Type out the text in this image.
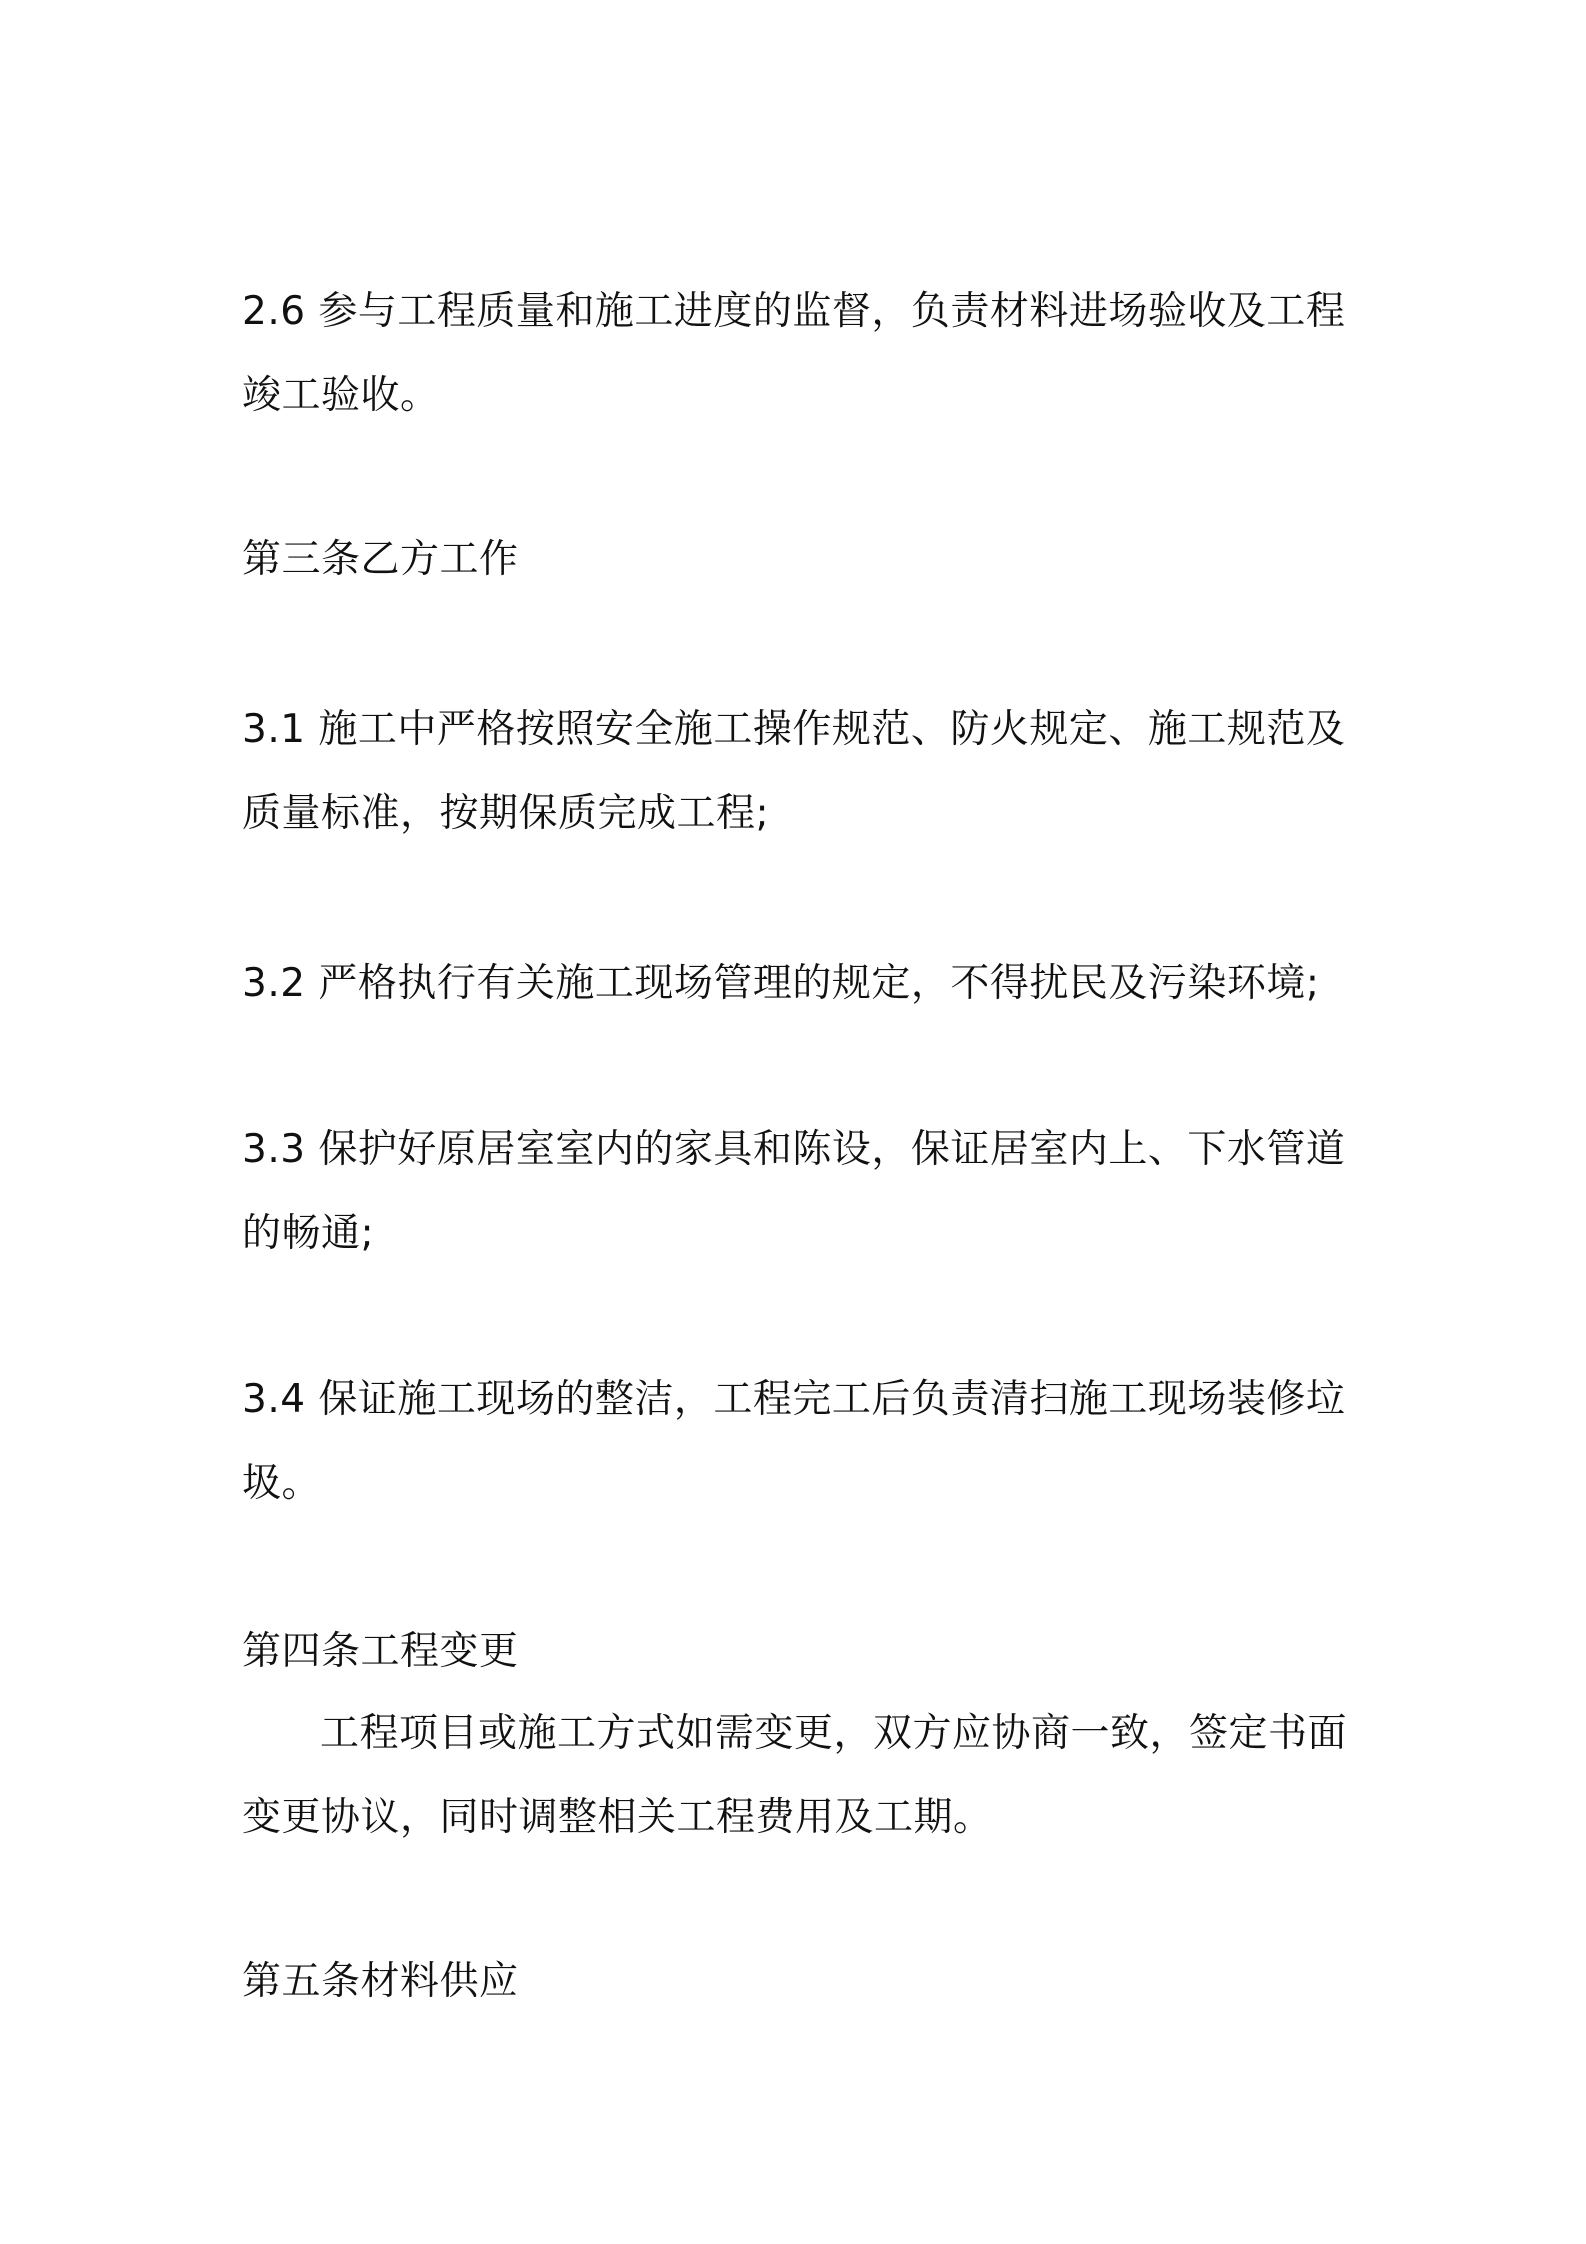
2.6 参与工程质量和施工进度的监督，负责材料进场验收及工程竣工验收。

第三条乙方工作

3.1 施工中严格按照安全施工操作规范、防火规定、施工规范及质量标准，按期保质完成工程;

3.2 严格执行有关施工现场管理的规定，不得扰民及污染环境;

3.3 保护好原居室室内的家具和陈设，保证居室内上、下水管道的畅通;

3.4 保证施工现场的整洁，工程完工后负责清扫施工现场装修垃圾。

第四条工程变更

工程项目或施工方式如需变更，双方应协商一致，签定书面变更协议，同时调整相关工程费用及工期。

第五条材料供应
